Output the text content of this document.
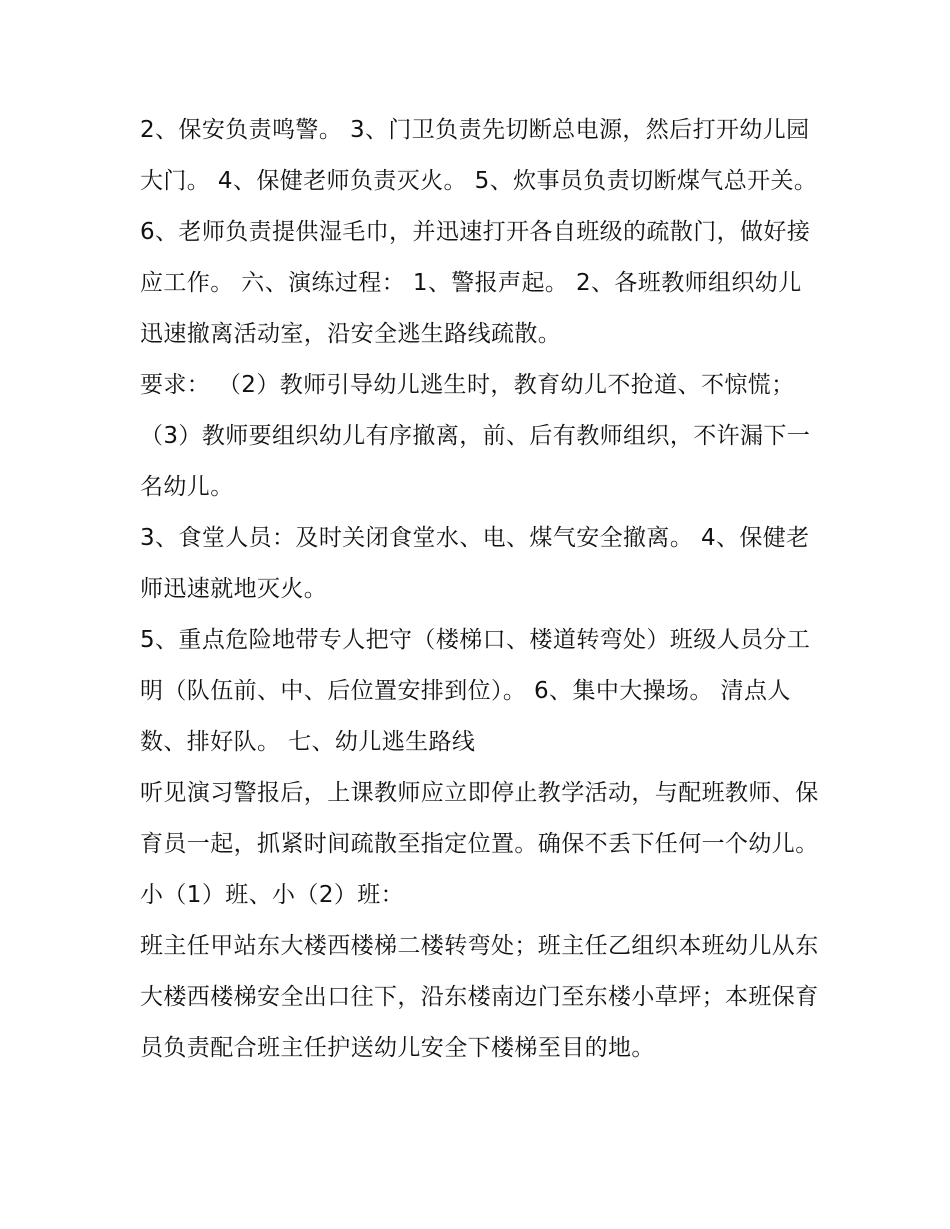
2、保安负责鸣警。 3、门卫负责先切断总电源，然后打开幼儿园大门。 4、保健老师负责灭火。 5、炊事员负责切断煤气总开关。

6、老师负责提供湿毛巾，并迅速打开各自班级的疏散门，做好接应工作。 六、演练过程： 1、警报声起。 2、各班教师组织幼儿迅速撤离活动室，沿安全逃生路线疏散。

要求： （2）教师引导幼儿逃生时，教育幼儿不抢道、不惊慌； （3）教师要组织幼儿有序撤离，前、后有教师组织，不许漏下一名幼儿。

3、食堂人员：及时关闭食堂水、电、煤气安全撤离。 4、保健老师迅速就地灭火。

5、重点危险地带专人把守（楼梯口、楼道转弯处）班级人员分工明（队伍前、中、后位置安排到位）。 6、集中大操场。 清点人数、排好队。 七、幼儿逃生路线

听见演习警报后，上课教师应立即停止教学活动，与配班教师、保育员一起，抓紧时间疏散至指定位置。确保不丢下任何一个幼儿。 小（1）班、小（2）班：

班主任甲站东大楼西楼梯二楼转弯处；班主任乙组织本班幼儿从东大楼西楼梯安全出口往下，沿东楼南边门至东楼小草坪；本班保育员负责配合班主任护送幼儿安全下楼梯至目的地。
